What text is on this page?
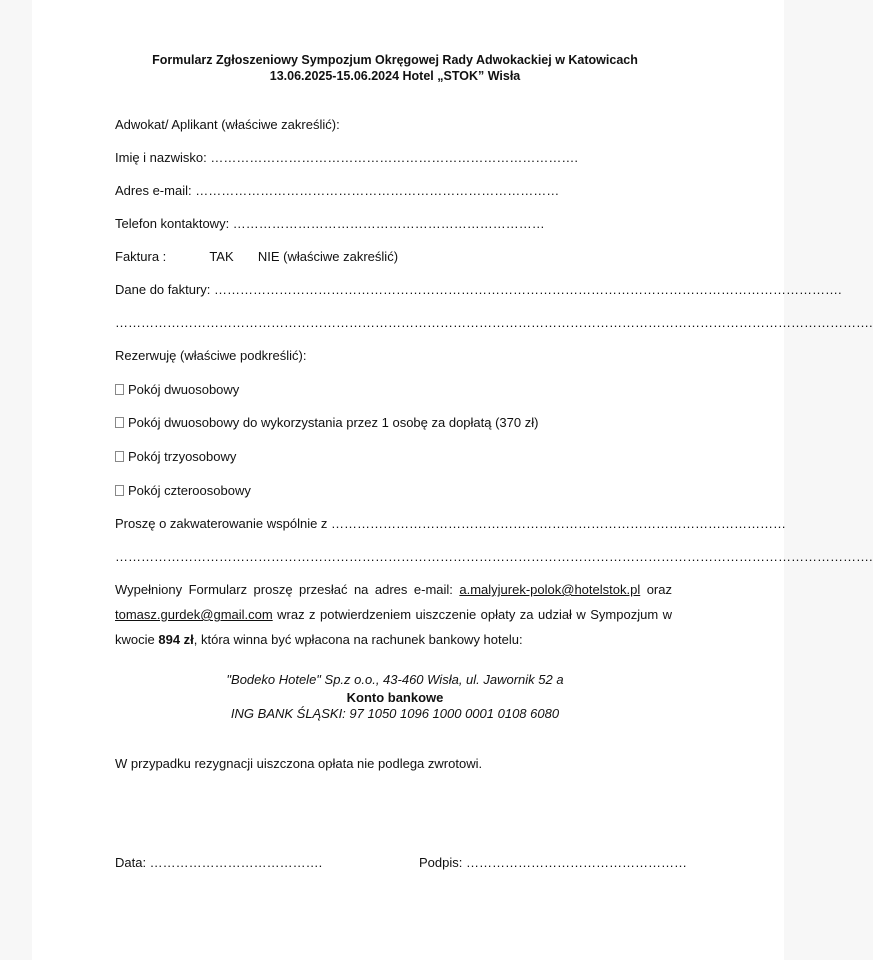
Formularz Zgłoszeniowy Sympozjum Okręgowej Rady Adwokackiej w Katowicach
13.06.2025-15.06.2024 Hotel „STOK” Wisła
Adwokat/ Aplikant (właściwe zakreślić):
Imię i nazwisko: ………………………………………………………………………….
Adres e-mail: …………………………………………………………………………
Telefon kontaktowy: ………………………………………………………………
Faktura :	TAK NIE (właściwe zakreślić)
Dane do faktury: ……………………………………………………………………………………………………………………………….
………………………………………………………………………………………………………………………………………………………….
Rezerwuję (właściwe podkreślić):
Pokój dwuosobowy
Pokój dwuosobowy do wykorzystania przez 1 osobę za dopłatą (370 zł)
Pokój trzyosobowy
Pokój czteroosobowy
Proszę o zakwaterowanie wspólnie z ……………………………………………………………………………………………
………………………………………………………………………………………………………………………………………………………….
Wypełniony Formularz proszę przesłać na adres e-mail: a.malyjurek-polok@hotelstok.pl oraz tomasz.gurdek@gmail.com wraz z potwierdzeniem uiszczenie opłaty za udział w Sympozjum w kwocie 894 zł, która winna być wpłacona na rachunek bankowy hotelu:
"Bodeko Hotele" Sp.z o.o., 43-460 Wisła, ul. Jawornik 52 a
Konto bankowe
ING BANK ŚLĄSKI: 97 1050 1096 1000 0001 0108 6080
W przypadku rezygnacji uiszczona opłata nie podlega zwrotowi.
Data: ………………………………….	Podpis: ……………………………………………
